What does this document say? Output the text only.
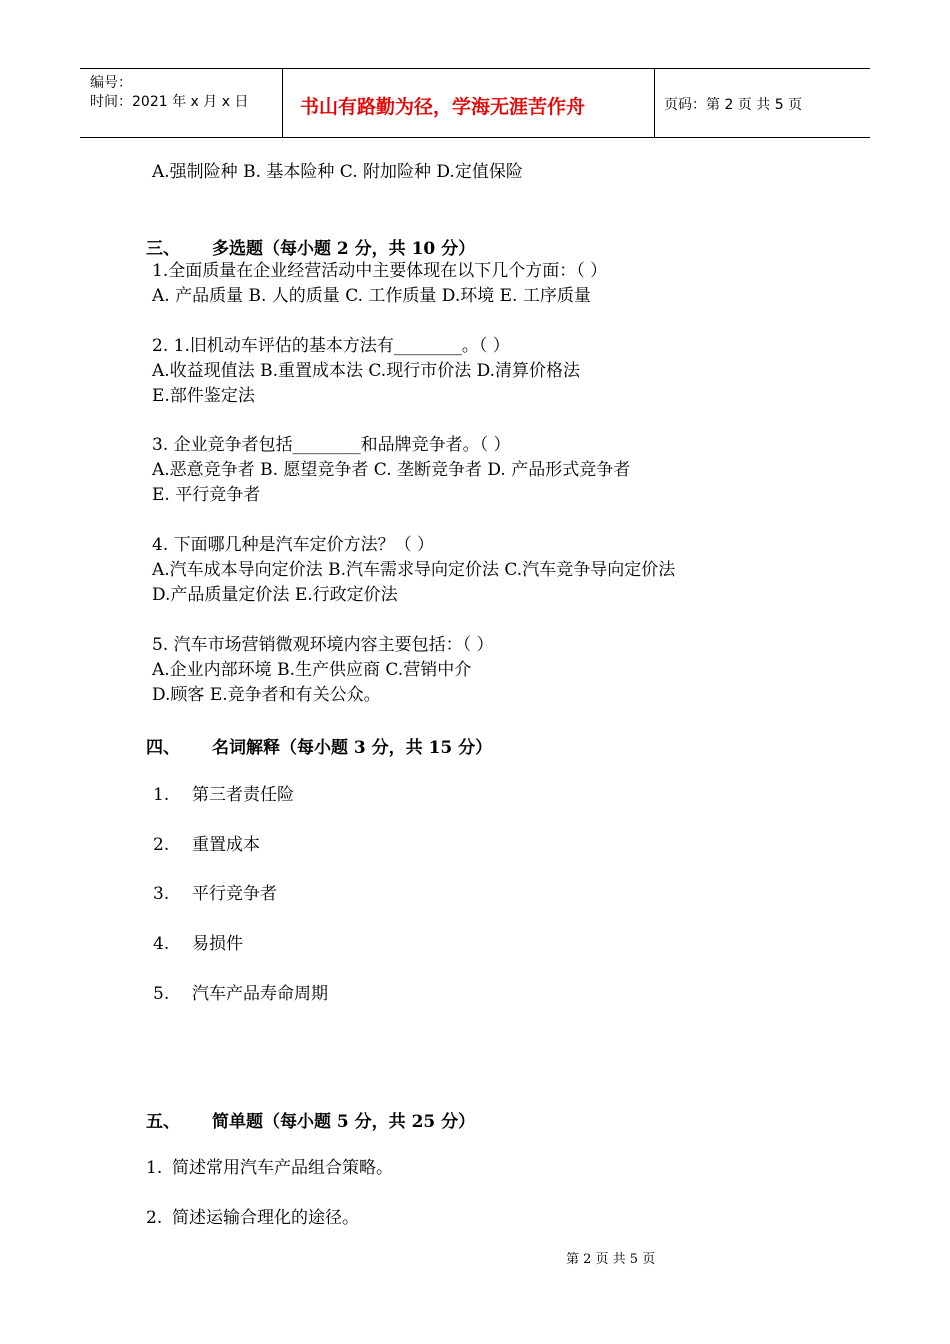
编号：
时间：2021 年 x 月 x 日	书山有路勤为径，学海无涯苦作舟	页码：第 2 页 共 5 页
A.强制险种 B. 基本险种 C. 附加险种 D.定值保险
三、 多选题（每小题 2 分，共 10 分）
1.全面质量在企业经营活动中主要体现在以下几个方面：（ ）
A. 产品质量 B. 人的质量 C. 工作质量 D.环境 E. 工序质量
2. 1.旧机动车评估的基本方法有________。（ ）
A.收益现值法 B.重置成本法 C.现行市价法 D.清算价格法
E.部件鉴定法
3. 企业竞争者包括________和品牌竞争者。（ ）
A.恶意竞争者 B. 愿望竞争者 C. 垄断竞争者 D. 产品形式竞争者
E. 平行竞争者
4. 下面哪几种是汽车定价方法？（ ）
A.汽车成本导向定价法 B.汽车需求导向定价法 C.汽车竞争导向定价法
D.产品质量定价法 E.行政定价法
5. 汽车市场营销微观环境内容主要包括：（ ）
A.企业内部环境 B.生产供应商 C.营销中介
D.顾客 E.竞争者和有关公众。
四、 名词解释（每小题 3 分，共 15 分）
1. 第三者责任险
2. 重置成本
3. 平行竞争者
4. 易损件
5. 汽车产品寿命周期
五、 简单题（每小题 5 分，共 25 分）
1. 简述常用汽车产品组合策略。
2. 简述运输合理化的途径。
第 2 页 共 5 页
